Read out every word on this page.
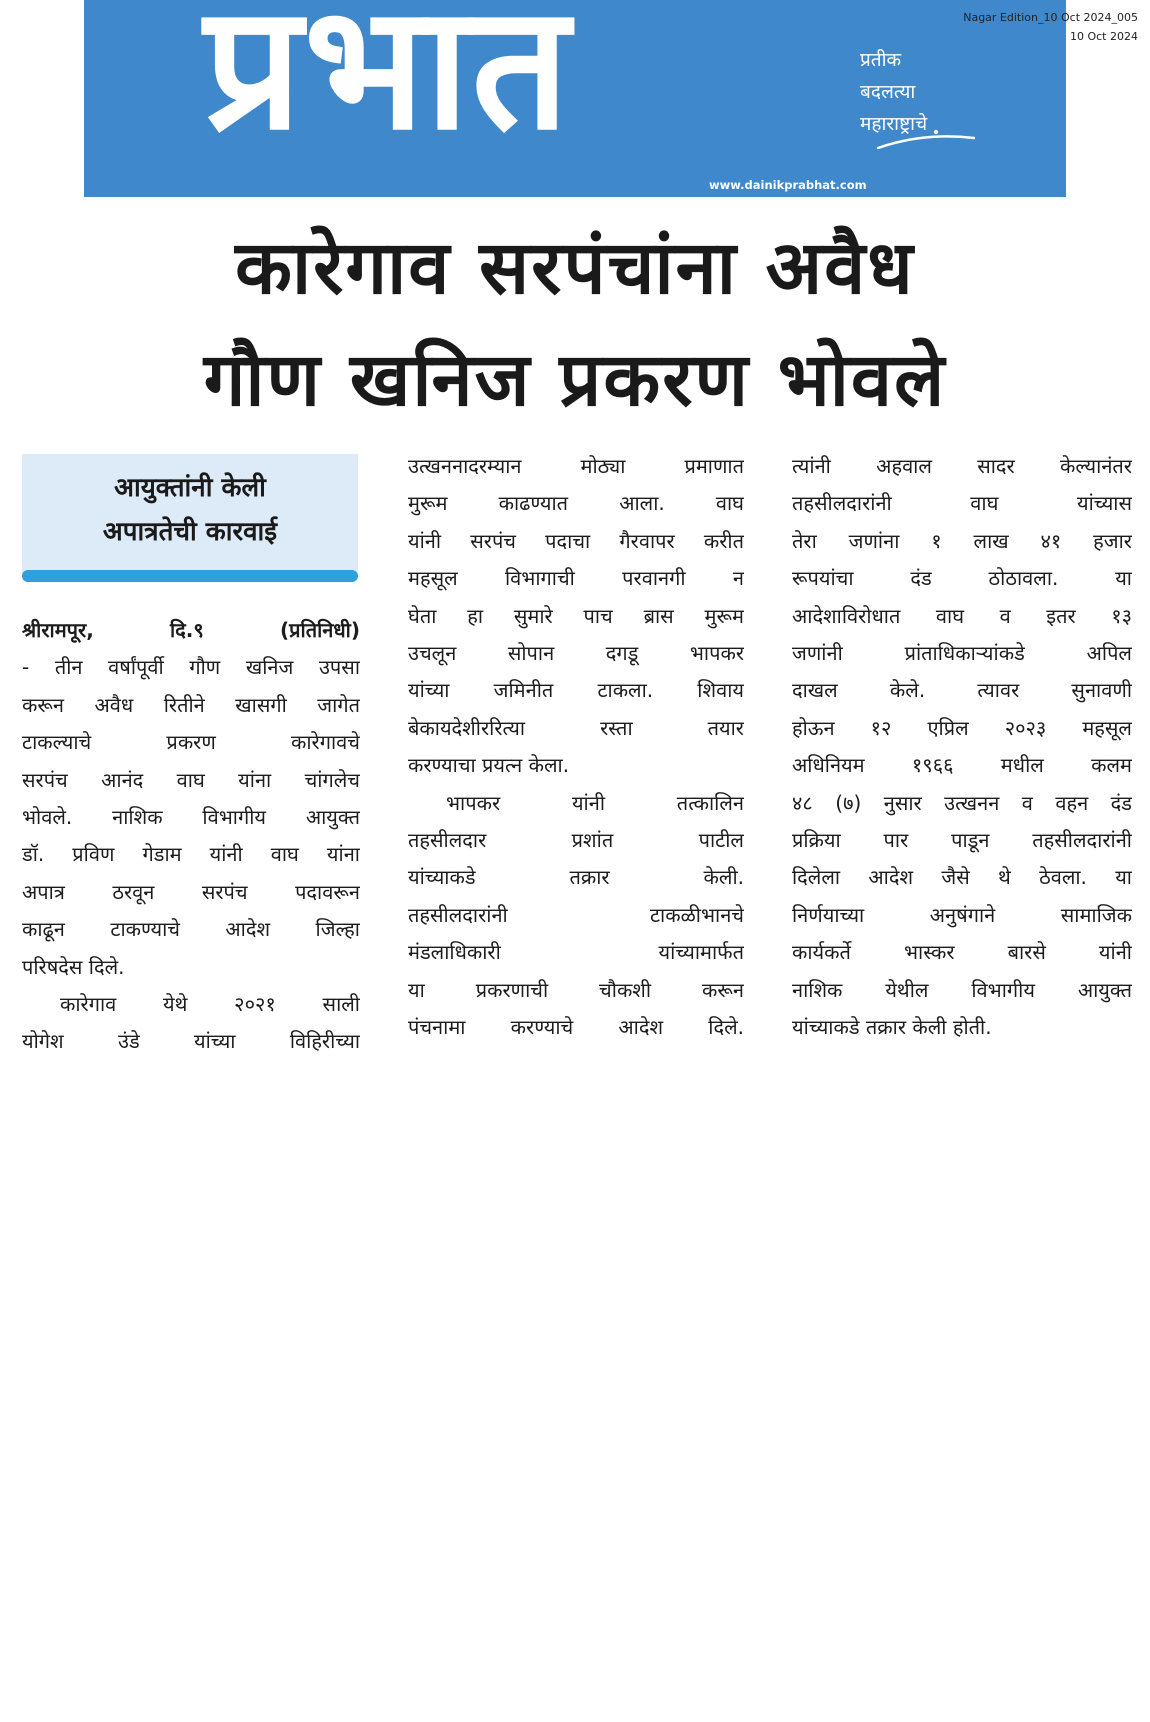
प्रभात	प्रतीक
बदलत्या
महाराष्ट्राचे
www.dainikprabhat.com
Nagar Edition_10 Oct 2024_005
10 Oct 2024
कारेगाव सरपंचांना अवैध
गौण खनिज प्रकरण भोवले
आयुक्तांनी केली
अपात्रतेची कारवाई
श्रीरामपूर, दि.९ (प्रतिनिधी)
- तीन वर्षांपूर्वी गौण खनिज उपसा
करून अवैध रितीने खासगी जागेत
टाकल्याचे प्रकरण कारेगावचे
सरपंच आनंद वाघ यांना चांगलेच
भोवले. नाशिक विभागीय आयुक्त
डॉ. प्रविण गेडाम यांनी वाघ यांना
अपात्र ठरवून सरपंच पदावरून
काढून टाकण्याचे आदेश जिल्हा
परिषदेस दिले.
कारेगाव येथे २०२१ साली
योगेश उंडे यांच्या विहिरीच्या
उत्खननादरम्यान मोठ्या प्रमाणात
मुरूम काढण्यात आला. वाघ
यांनी सरपंच पदाचा गैरवापर करीत
महसूल विभागाची परवानगी न
घेता हा सुमारे पाच ब्रास मुरूम
उचलून सोपान दगडू भापकर
यांच्या जमिनीत टाकला. शिवाय
बेकायदेशीररित्या रस्ता तयार
करण्याचा प्रयत्न केला.
भापकर यांनी तत्कालिन
तहसीलदार प्रशांत पाटील
यांच्याकडे तक्रार केली.
तहसीलदारांनी टाकळीभानचे
मंडलाधिकारी यांच्यामार्फत
या प्रकरणाची चौकशी करून
पंचनामा करण्याचे आदेश दिले.
त्यांनी अहवाल सादर केल्यानंतर
तहसीलदारांनी वाघ यांच्यास
तेरा जणांना १ लाख ४१ हजार
रूपयांचा दंड ठोठावला. या
आदेशाविरोधात वाघ व इतर १३
जणांनी प्रांताधिकाऱ्यांकडे अपिल
दाखल केले. त्यावर सुनावणी
होऊन १२ एप्रिल २०२३ महसूल
अधिनियम १९६६ मधील कलम
४८ (७) नुसार उत्खनन व वहन दंड
प्रक्रिया पार पाडून तहसीलदारांनी
दिलेला आदेश जैसे थे ठेवला. या
निर्णयाच्या अनुषंगाने सामाजिक
कार्यकर्ते भास्कर बारसे यांनी
नाशिक येथील विभागीय आयुक्त
यांच्याकडे तक्रार केली होती.
